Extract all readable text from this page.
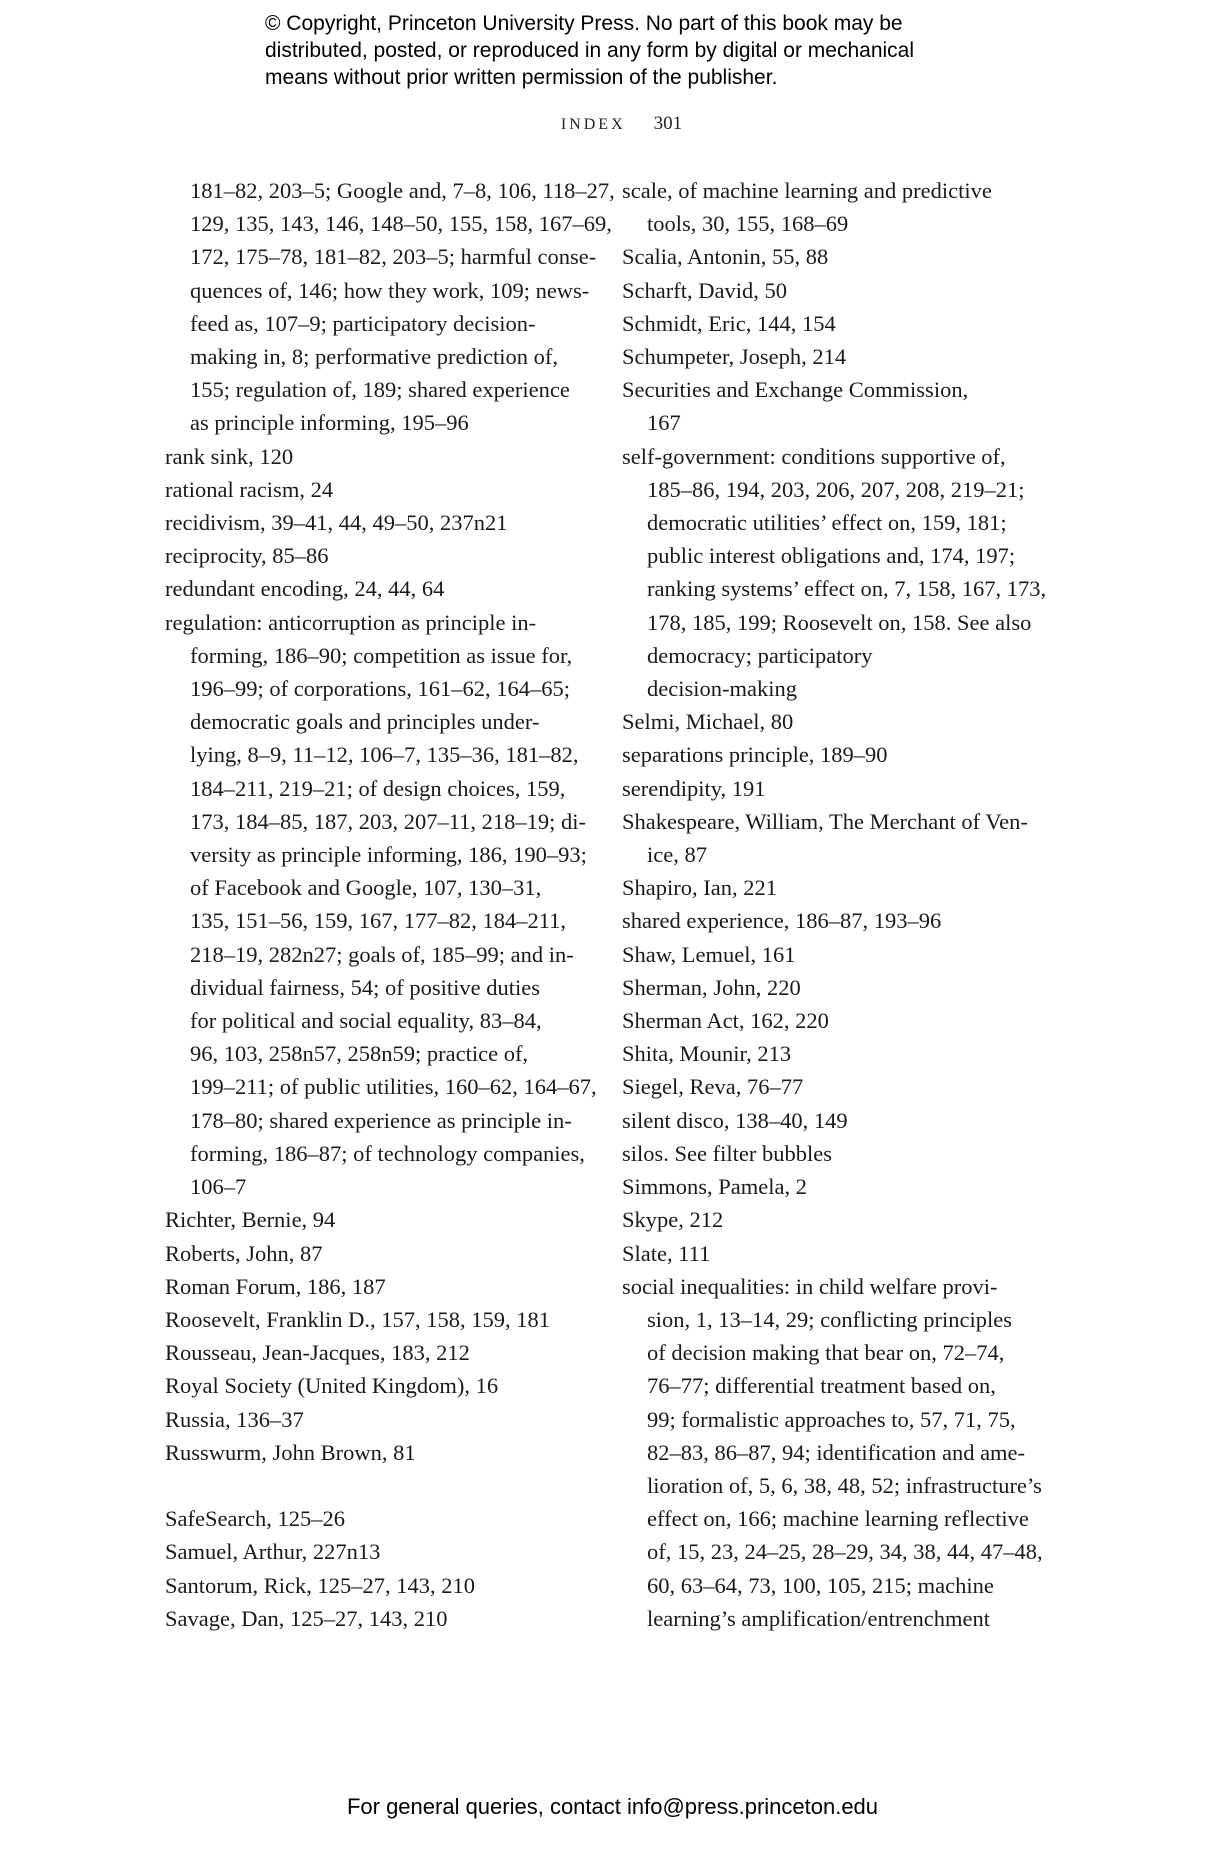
© Copyright, Princeton University Press. No part of this book may be
distributed, posted, or reproduced in any form by digital or mechanical
means without prior written permission of the publisher.
INDEX 301
181–82, 203–5; Google and, 7–8, 106, 118–27,
129, 135, 143, 146, 148–50, 155, 158, 167–69,
172, 175–78, 181–82, 203–5; harmful conse-
quences of, 146; how they work, 109; news-
feed as, 107–9; participatory decision-
making in, 8; performative prediction of,
155; regulation of, 189; shared experience
as principle informing, 195–96
rank sink, 120
rational racism, 24
recidivism, 39–41, 44, 49–50, 237n21
reciprocity, 85–86
redundant encoding, 24, 44, 64
regulation: anticorruption as principle in-
forming, 186–90; competition as issue for,
196–99; of corporations, 161–62, 164–65;
democratic goals and principles under-
lying, 8–9, 11–12, 106–7, 135–36, 181–82,
184–211, 219–21; of design choices, 159,
173, 184–85, 187, 203, 207–11, 218–19; di-
versity as principle informing, 186, 190–93;
of Facebook and Google, 107, 130–31,
135, 151–56, 159, 167, 177–82, 184–211,
218–19, 282n27; goals of, 185–99; and in-
dividual fairness, 54; of positive duties
for political and social equality, 83–84,
96, 103, 258n57, 258n59; practice of,
199–211; of public utilities, 160–62, 164–67,
178–80; shared experience as principle in-
forming, 186–87; of technology companies,
106–7
Richter, Bernie, 94
Roberts, John, 87
Roman Forum, 186, 187
Roosevelt, Franklin D., 157, 158, 159, 181
Rousseau, Jean-Jacques, 183, 212
Royal Society (United Kingdom), 16
Russia, 136–37
Russwurm, John Brown, 81
SafeSearch, 125–26
Samuel, Arthur, 227n13
Santorum, Rick, 125–27, 143, 210
Savage, Dan, 125–27, 143, 210
scale, of machine learning and predictive
tools, 30, 155, 168–69
Scalia, Antonin, 55, 88
Scharft, David, 50
Schmidt, Eric, 144, 154
Schumpeter, Joseph, 214
Securities and Exchange Commission,
167
self-government: conditions supportive of,
185–86, 194, 203, 206, 207, 208, 219–21;
democratic utilities’ effect on, 159, 181;
public interest obligations and, 174, 197;
ranking systems’ effect on, 7, 158, 167, 173,
178, 185, 199; Roosevelt on, 158. See also
democracy; participatory
decision-making
Selmi, Michael, 80
separations principle, 189–90
serendipity, 191
Shakespeare, William, The Merchant of Ven-
ice, 87
Shapiro, Ian, 221
shared experience, 186–87, 193–96
Shaw, Lemuel, 161
Sherman, John, 220
Sherman Act, 162, 220
Shita, Mounir, 213
Siegel, Reva, 76–77
silent disco, 138–40, 149
silos. See filter bubbles
Simmons, Pamela, 2
Skype, 212
Slate, 111
social inequalities: in child welfare provi-
sion, 1, 13–14, 29; conflicting principles
of decision making that bear on, 72–74,
76–77; differential treatment based on,
99; formalistic approaches to, 57, 71, 75,
82–83, 86–87, 94; identification and ame-
lioration of, 5, 6, 38, 48, 52; infrastructure’s
effect on, 166; machine learning reflective
of, 15, 23, 24–25, 28–29, 34, 38, 44, 47–48,
60, 63–64, 73, 100, 105, 215; machine
learning’s amplification/entrenchment
For general queries, contact info@press.princeton.edu
